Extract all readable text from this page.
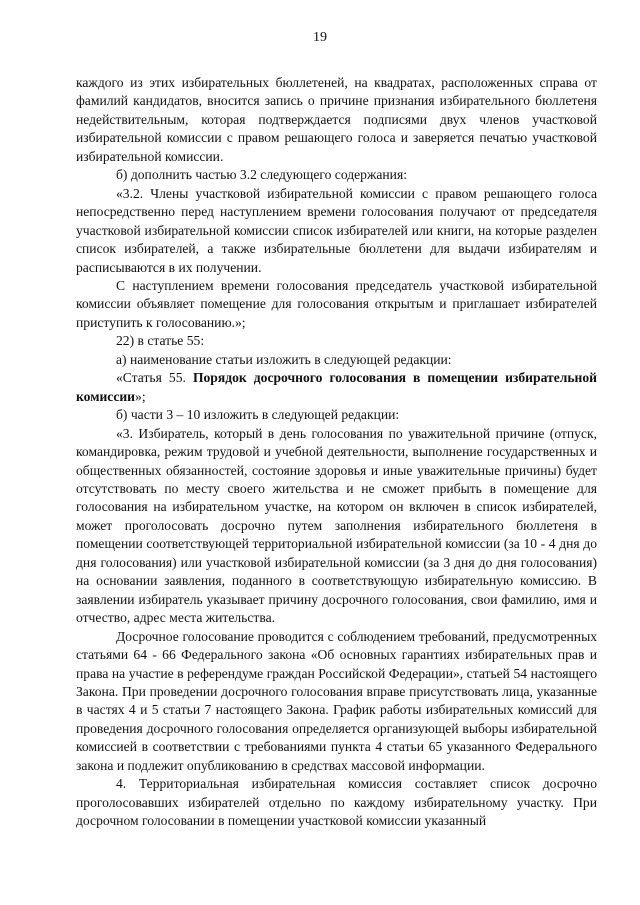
19

каждого из этих избирательных бюллетеней, на квадратах, расположенных справа от фамилий кандидатов, вносится запись о причине признания избирательного бюллетеня недействительным, которая подтверждается подписями двух членов участковой избирательной комиссии с правом решающего голоса и заверяется печатью участковой избирательной комиссии.

б) дополнить частью 3.2 следующего содержания:

«3.2. Члены участковой избирательной комиссии с правом решающего голоса непосредственно перед наступлением времени голосования получают от председателя участковой избирательной комиссии список избирателей или книги, на которые разделен список избирателей, а также избирательные бюллетени для выдачи избирателям и расписываются в их получении.

С наступлением времени голосования председатель участковой избирательной комиссии объявляет помещение для голосования открытым и приглашает избирателей приступить к голосованию.»;

22) в статье 55:

а) наименование статьи изложить в следующей редакции:

«Статья 55. Порядок досрочного голосования в помещении избирательной комиссии»;

б) части 3 – 10 изложить в следующей редакции:

«3. Избиратель, который в день голосования по уважительной причине (отпуск, командировка, режим трудовой и учебной деятельности, выполнение государственных и общественных обязанностей, состояние здоровья и иные уважительные причины) будет отсутствовать по месту своего жительства и не сможет прибыть в помещение для голосования на избирательном участке, на котором он включен в список избирателей, может проголосовать досрочно путем заполнения избирательного бюллетеня в помещении соответствующей территориальной избирательной комиссии (за 10 - 4 дня до дня голосования) или участковой избирательной комиссии (за 3 дня до дня голосования) на основании заявления, поданного в соответствующую избирательную комиссию. В заявлении избиратель указывает причину досрочного голосования, свои фамилию, имя и отчество, адрес места жительства.

Досрочное голосование проводится с соблюдением требований, предусмотренных статьями 64 - 66 Федерального закона «Об основных гарантиях избирательных прав и права на участие в референдуме граждан Российской Федерации», статьей 54 настоящего Закона. При проведении досрочного голосования вправе присутствовать лица, указанные в частях 4 и 5 статьи 7 настоящего Закона. График работы избирательных комиссий для проведения досрочного голосования определяется организующей выборы избирательной комиссией в соответствии с требованиями пункта 4 статьи 65 указанного Федерального закона и подлежит опубликованию в средствах массовой информации.

4. Территориальная избирательная комиссия составляет список досрочно проголосовавших избирателей отдельно по каждому избирательному участку. При досрочном голосовании в помещении участковой комиссии указанный
